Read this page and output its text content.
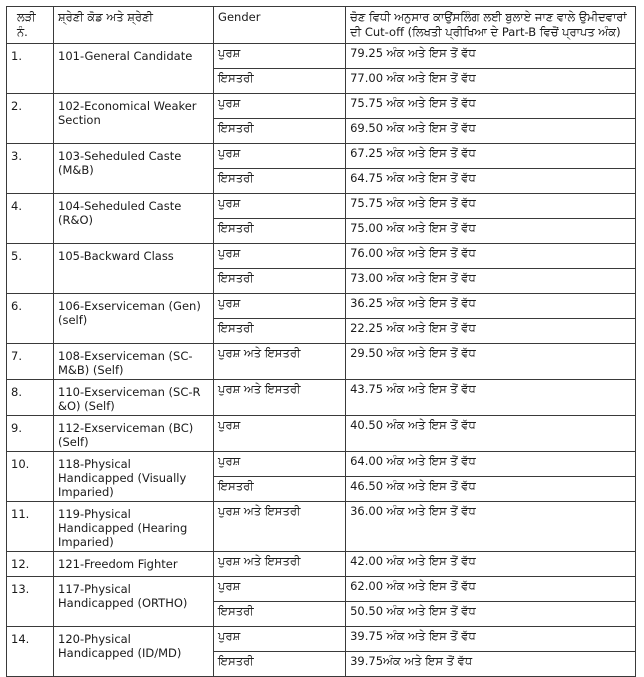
ਲੜੀ ਨੰ.	ਸ਼੍ਰੇਣੀ ਕੋਡ ਅਤੇ ਸ਼੍ਰੇਣੀ	Gender	ਚੋਣ ਵਿਧੀ ਅਨੁਸਾਰ ਕਾਉਂਸਲਿੰਗ ਲਈ ਬੁਲਾਏ ਜਾਣ ਵਾਲੇ ਉਮੀਦਵਾਰਾਂ ਦੀ Cut-off (ਲਿਖਤੀ ਪ੍ਰੀਖਿਆ ਦੇ Part-B ਵਿਚੋਂ ਪ੍ਰਾਪਤ ਅੰਕ)
1.	101-General Candidate	ਪੁਰਸ਼	79.25 ਅੰਕ ਅਤੇ ਇਸ ਤੋਂ ਵੱਧ
		ਇਸਤਰੀ	77.00 ਅੰਕ ਅਤੇ ਇਸ ਤੋਂ ਵੱਧ
2.	102-Economical Weaker Section	ਪੁਰਸ਼	75.75 ਅੰਕ ਅਤੇ ਇਸ ਤੋਂ ਵੱਧ
		ਇਸਤਰੀ	69.50 ਅੰਕ ਅਤੇ ਇਸ ਤੋਂ ਵੱਧ
3.	103-Seheduled Caste (M&B)	ਪੁਰਸ਼	67.25 ਅੰਕ ਅਤੇ ਇਸ ਤੋਂ ਵੱਧ
		ਇਸਤਰੀ	64.75 ਅੰਕ ਅਤੇ ਇਸ ਤੋਂ ਵੱਧ
4.	104-Seheduled Caste (R&O)	ਪੁਰਸ਼	75.75 ਅੰਕ ਅਤੇ ਇਸ ਤੋਂ ਵੱਧ
		ਇਸਤਰੀ	75.00 ਅੰਕ ਅਤੇ ਇਸ ਤੋਂ ਵੱਧ
5.	105-Backward Class	ਪੁਰਸ਼	76.00 ਅੰਕ ਅਤੇ ਇਸ ਤੋਂ ਵੱਧ
		ਇਸਤਰੀ	73.00 ਅੰਕ ਅਤੇ ਇਸ ਤੋਂ ਵੱਧ
6.	106-Exserviceman (Gen) (self)	ਪੁਰਸ਼	36.25 ਅੰਕ ਅਤੇ ਇਸ ਤੋਂ ਵੱਧ
		ਇਸਤਰੀ	22.25 ਅੰਕ ਅਤੇ ਇਸ ਤੋਂ ਵੱਧ
7.	108-Exserviceman (SC-M&B) (Self)	ਪੁਰਸ਼ ਅਤੇ ਇਸਤਰੀ	29.50 ਅੰਕ ਅਤੇ ਇਸ ਤੋਂ ਵੱਧ
8.	110-Exserviceman (SC-R &O) (Self)	ਪੁਰਸ਼ ਅਤੇ ਇਸਤਰੀ	43.75 ਅੰਕ ਅਤੇ ਇਸ ਤੋਂ ਵੱਧ
9.	112-Exserviceman (BC) (Self)	ਪੁਰਸ਼	40.50 ਅੰਕ ਅਤੇ ਇਸ ਤੋਂ ਵੱਧ
10.	118-Physical Handicapped (Visually Imparied)	ਪੁਰਸ਼	64.00 ਅੰਕ ਅਤੇ ਇਸ ਤੋਂ ਵੱਧ
		ਇਸਤਰੀ	46.50 ਅੰਕ ਅਤੇ ਇਸ ਤੋਂ ਵੱਧ
11.	119-Physical Handicapped (Hearing Imparied)	ਪੁਰਸ਼ ਅਤੇ ਇਸਤਰੀ	36.00 ਅੰਕ ਅਤੇ ਇਸ ਤੋਂ ਵੱਧ
12.	121-Freedom Fighter	ਪੁਰਸ਼ ਅਤੇ ਇਸਤਰੀ	42.00 ਅੰਕ ਅਤੇ ਇਸ ਤੋਂ ਵੱਧ
13.	117-Physical Handicapped (ORTHO)	ਪੁਰਸ਼	62.00 ਅੰਕ ਅਤੇ ਇਸ ਤੋਂ ਵੱਧ
		ਇਸਤਰੀ	50.50 ਅੰਕ ਅਤੇ ਇਸ ਤੋਂ ਵੱਧ
14.	120-Physical Handicapped (ID/MD)	ਪੁਰਸ਼	39.75 ਅੰਕ ਅਤੇ ਇਸ ਤੋਂ ਵੱਧ
		ਇਸਤਰੀ	39.75ਅੰਕ ਅਤੇ ਇਸ ਤੋਂ ਵੱਧ
